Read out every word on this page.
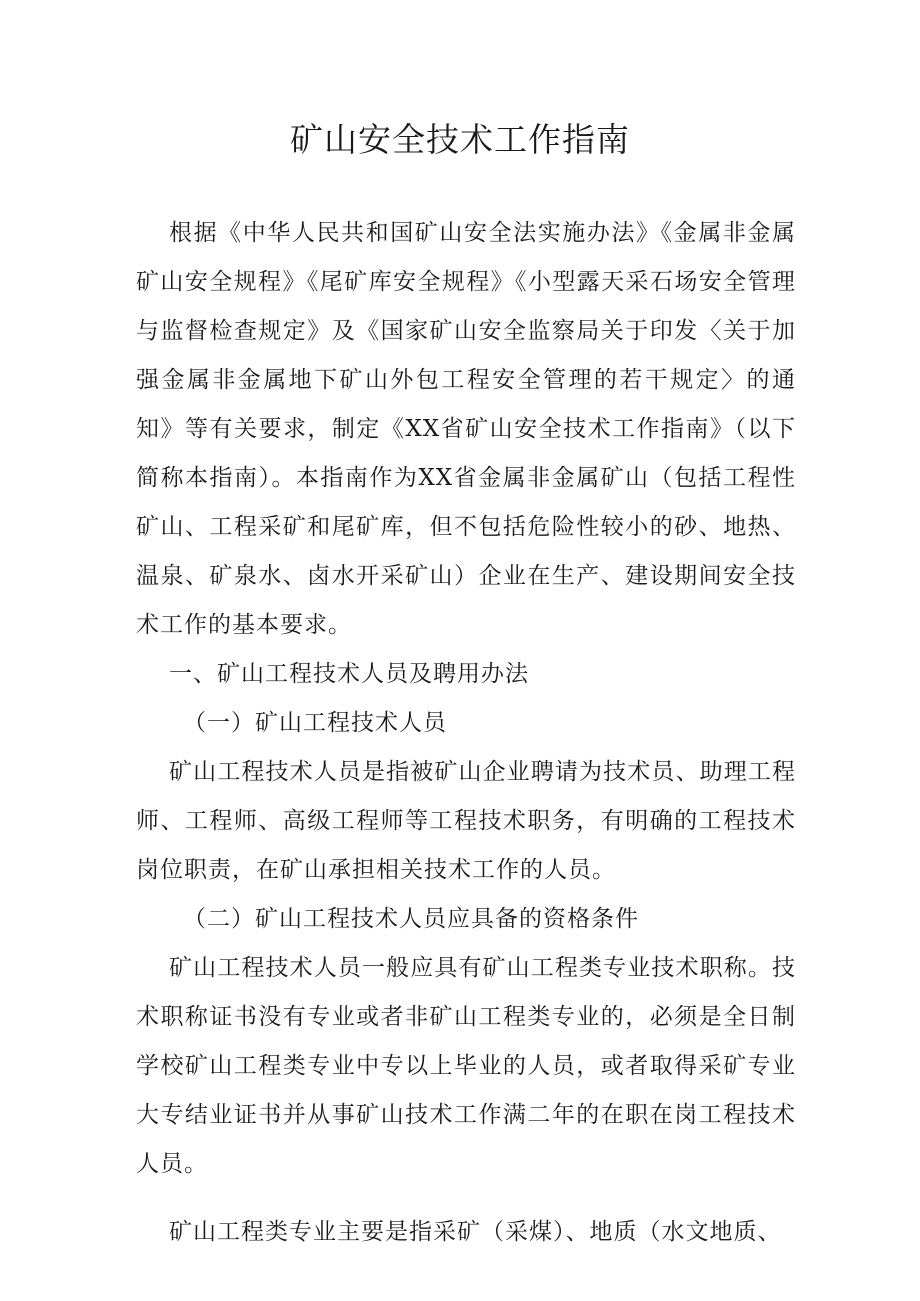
矿山安全技术工作指南

根据《中华人民共和国矿山安全法实施办法》《金属非金属矿山安全规程》《尾矿库安全规程》《小型露天采石场安全管理与监督检查规定》及《国家矿山安全监察局关于印发〈关于加强金属非金属地下矿山外包工程安全管理的若干规定〉的通知》等有关要求，制定《XX省矿山安全技术工作指南》（以下简称本指南）。本指南作为XX省金属非金属矿山（包括工程性矿山、工程采矿和尾矿库，但不包括危险性较小的砂、地热、温泉、矿泉水、卤水开采矿山）企业在生产、建设期间安全技术工作的基本要求。

一、矿山工程技术人员及聘用办法

（一）矿山工程技术人员

矿山工程技术人员是指被矿山企业聘请为技术员、助理工程师、工程师、高级工程师等工程技术职务，有明确的工程技术岗位职责，在矿山承担相关技术工作的人员。

（二）矿山工程技术人员应具备的资格条件

矿山工程技术人员一般应具有矿山工程类专业技术职称。技术职称证书没有专业或者非矿山工程类专业的，必须是全日制学校矿山工程类专业中专以上毕业的人员，或者取得采矿专业大专结业证书并从事矿山技术工作满二年的在职在岗工程技术人员。

矿山工程类专业主要是指采矿（采煤）、地质（水文地质、
